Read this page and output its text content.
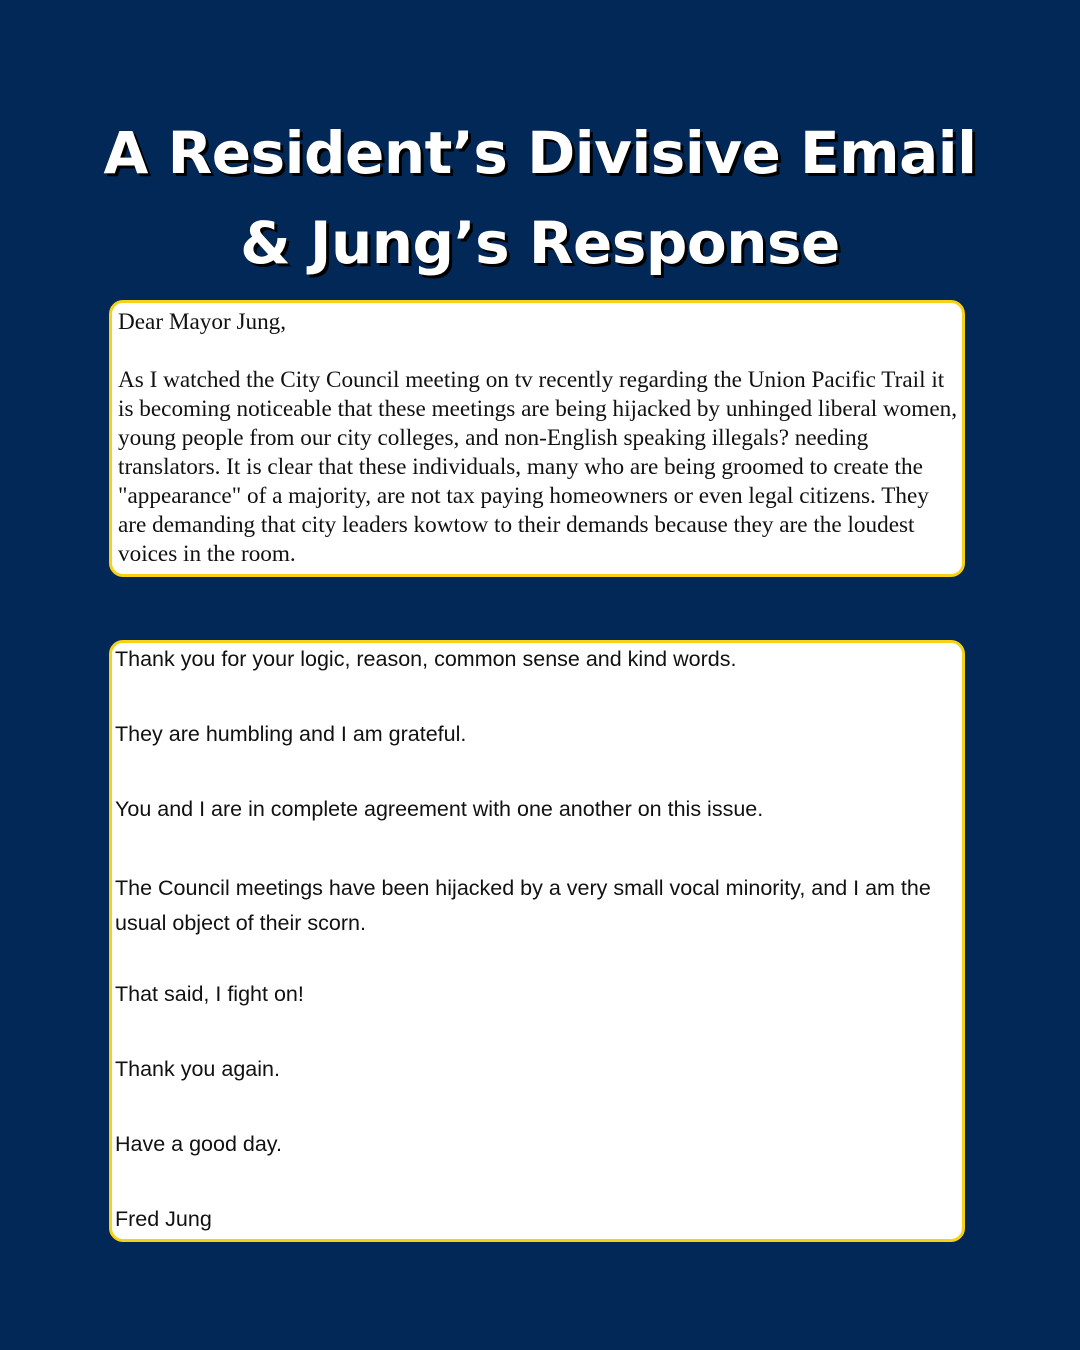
A Resident’s Divisive Email
& Jung’s Response

Dear Mayor Jung,

As I watched the City Council meeting on tv recently regarding the Union Pacific Trail it is becoming noticeable that these meetings are being hijacked by unhinged liberal women, young people from our city colleges, and non-English speaking illegals? needing translators. It is clear that these individuals, many who are being groomed to create the "appearance" of a majority, are not tax paying homeowners or even legal citizens. They are demanding that city leaders kowtow to their demands because they are the loudest voices in the room.

Thank you for your logic, reason, common sense and kind words.

They are humbling and I am grateful.

You and I are in complete agreement with one another on this issue.

The Council meetings have been hijacked by a very small vocal minority, and I am the usual object of their scorn.

That said, I fight on!

Thank you again.

Have a good day.

Fred Jung
